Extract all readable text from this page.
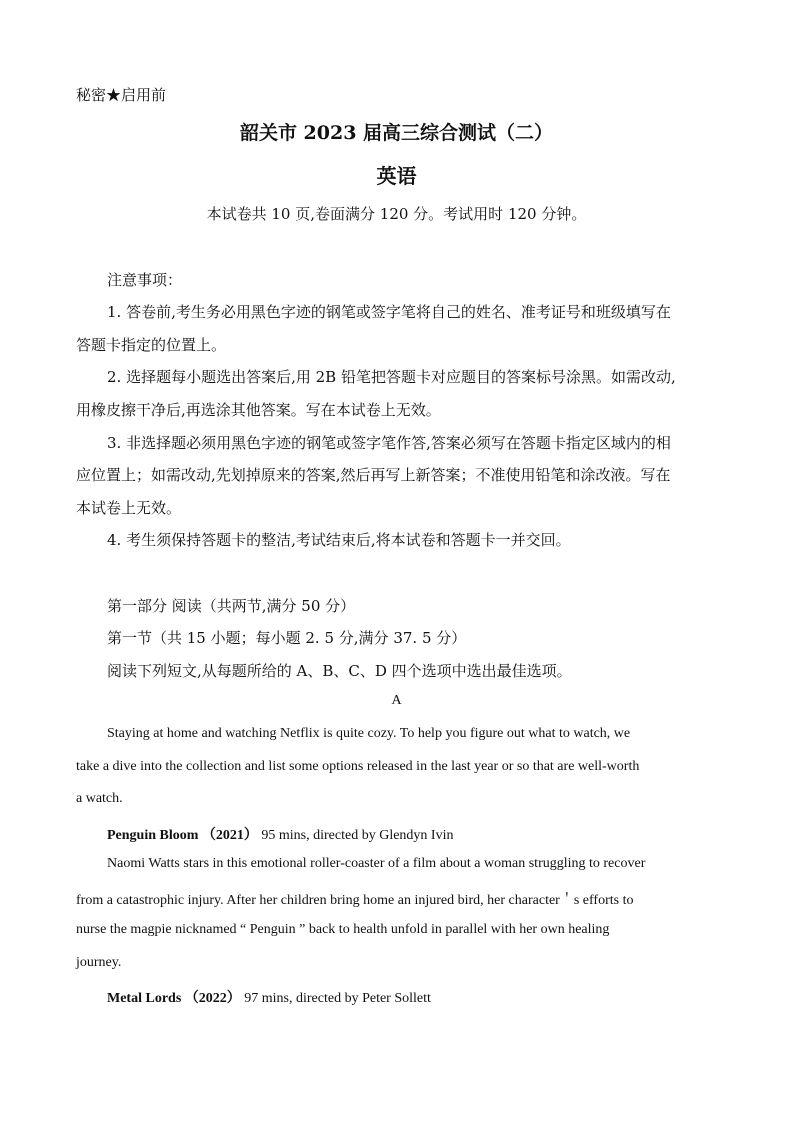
秘密★启用前
韶关市 2023 届高三综合测试（二）
英语
本试卷共 10 页,卷面满分 120 分。考试用时 120 分钟。
注意事项：
1. 答卷前,考生务必用黑色字迹的钢笔或签字笔将自己的姓名、准考证号和班级填写在
答题卡指定的位置上。
2. 选择题每小题选出答案后,用 2B 铅笔把答题卡对应题目的答案标号涂黑。如需改动,
用橡皮擦干净后,再选涂其他答案。写在本试卷上无效。
3. 非选择题必须用黑色字迹的钢笔或签字笔作答,答案必须写在答题卡指定区域内的相
应位置上；如需改动,先划掉原来的答案,然后再写上新答案；不准使用铅笔和涂改液。写在
本试卷上无效。
4. 考生须保持答题卡的整洁,考试结束后,将本试卷和答题卡一并交回。
第一部分 阅读（共两节,满分 50 分）
第一节（共 15 小题；每小题 2. 5 分,满分 37. 5 分）
阅读下列短文,从每题所给的 A、B、C、D 四个选项中选出最佳选项。
A
Staying at home and watching Netflix is quite cozy. To help you figure out what to watch, we
take a dive into the collection and list some options released in the last year or so that are well-worth
a watch.
Penguin Bloom （2021） 95 mins, directed by Glendyn Ivin
Naomi Watts stars in this emotional roller-coaster of a film about a woman struggling to recover
from a catastrophic injury. After her children bring home an injured bird, her character＇s efforts to
nurse the magpie nicknamed “ Penguin ” back to health unfold in parallel with her own healing
journey.
Metal Lords （2022） 97 mins, directed by Peter Sollett
